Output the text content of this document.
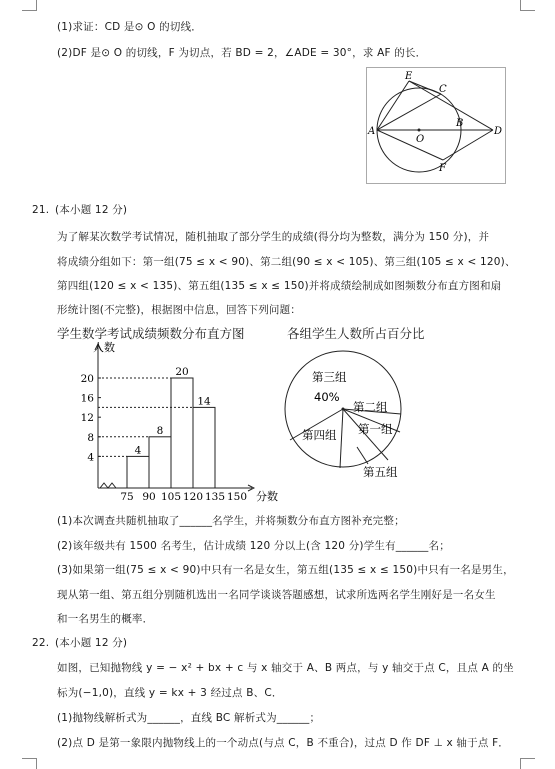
(1)求证：CD 是⊙ O 的切线．
(2)DF 是⊙ O 的切线，F 为切点，若 BD = 2，∠ADE = 30°，求 AF 的长．
E
C
A
O
B
D
F
21. (本小题 12 分)
为了解某次数学考试情况，随机抽取了部分学生的成绩(得分均为整数，满分为 150 分)，并
将成绩分组如下：第一组(75 ≤ x < 90)、第二组(90 ≤ x < 105)、第三组(105 ≤ x < 120)、
第四组(120 ≤ x < 135)、第五组(135 ≤ x ≤ 150)并将成绩绘制成如图频数分布直方图和扇
形统计图(不完整)，根据图中信息，回答下列问题：
学生数学考试成绩频数分布直方图
4
8
12
16
20
4
8
20
14
75 90 105 120 135 150
人数
分数
各组学生人数所占百分比
第三组
第二组
第一组
第五组
第四组
40%
(1)本次调查共随机抽取了______名学生，并将频数分布直方图补充完整；
(2)该年级共有 1500 名考生，估计成绩 120 分以上(含 120 分)学生有______名；
(3)如果第一组(75 ≤ x < 90)中只有一名是女生，第五组(135 ≤ x ≤ 150)中只有一名是男生，
现从第一组、第五组分别随机选出一名同学谈谈答题感想，试求所选两名学生刚好是一名女生
和一名男生的概率．
22. (本小题 12 分)
如图，已知抛物线 y = − x² + bx + c 与 x 轴交于 A、B 两点，与 y 轴交于点 C，且点 A 的坐
标为(−1,0)，直线 y = kx + 3 经过点 B、C．
(1)抛物线解析式为______，直线 BC 解析式为______；
(2)点 D 是第一象限内抛物线上的一个动点(与点 C，B 不重合)，过点 D 作 DF ⊥ x 轴于点 F．
